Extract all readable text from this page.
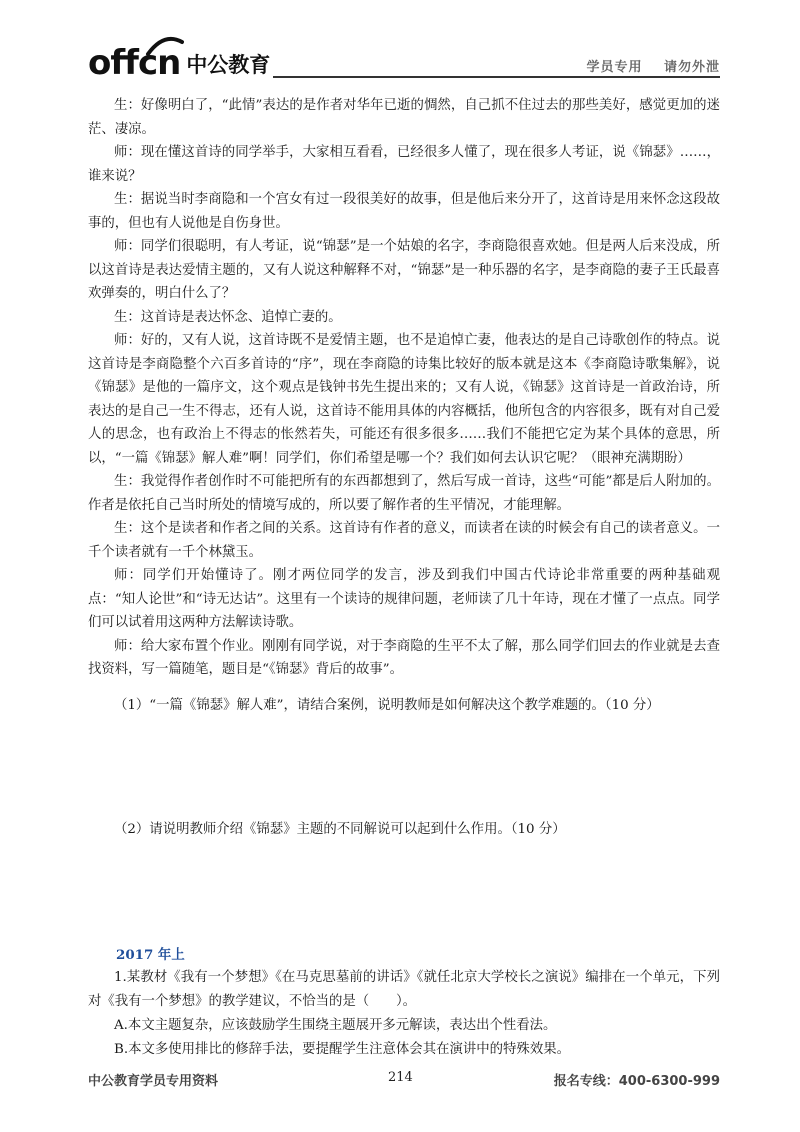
offcn 中公教育	学员专用 请勿外泄

生：好像明白了，“此情”表达的是作者对华年已逝的惆然，自己抓不住过去的那些美好，感觉更加的迷茫、凄凉。

师：现在懂这首诗的同学举手，大家相互看看，已经很多人懂了，现在很多人考证，说《锦瑟》……，谁来说？

生：据说当时李商隐和一个宫女有过一段很美好的故事，但是他后来分开了，这首诗是用来怀念这段故事的，但也有人说他是自伤身世。

师：同学们很聪明，有人考证，说“锦瑟”是一个姑娘的名字，李商隐很喜欢她。但是两人后来没成，所以这首诗是表达爱情主题的，又有人说这种解释不对，“锦瑟”是一种乐器的名字，是李商隐的妻子王氏最喜欢弹奏的，明白什么了？

生：这首诗是表达怀念、追悼亡妻的。

师：好的，又有人说，这首诗既不是爱情主题，也不是追悼亡妻，他表达的是自己诗歌创作的特点。说这首诗是李商隐整个六百多首诗的“序”，现在李商隐的诗集比较好的版本就是这本《李商隐诗歌集解》，说《锦瑟》是他的一篇序文，这个观点是钱钟书先生提出来的；又有人说，《锦瑟》这首诗是一首政治诗，所表达的是自己一生不得志，还有人说，这首诗不能用具体的内容概括，他所包含的内容很多，既有对自己爱人的思念，也有政治上不得志的怅然若失，可能还有很多很多……我们不能把它定为某个具体的意思，所以，“一篇《锦瑟》解人难”啊！同学们，你们希望是哪一个？我们如何去认识它呢？（眼神充满期盼）

生：我觉得作者创作时不可能把所有的东西都想到了，然后写成一首诗，这些“可能”都是后人附加的。作者是依托自己当时所处的情境写成的，所以要了解作者的生平情况，才能理解。

生：这个是读者和作者之间的关系。这首诗有作者的意义，而读者在读的时候会有自己的读者意义。一千个读者就有一千个林黛玉。

师：同学们开始懂诗了。刚才两位同学的发言，涉及到我们中国古代诗论非常重要的两种基础观点：“知人论世”和“诗无达诂”。这里有一个读诗的规律问题，老师读了几十年诗，现在才懂了一点点。同学们可以试着用这两种方法解读诗歌。

师：给大家布置个作业。刚刚有同学说，对于李商隐的生平不太了解，那么同学们回去的作业就是去查找资料，写一篇随笔，题目是“《锦瑟》背后的故事”。

（1）“一篇《锦瑟》解人难”，请结合案例，说明教师是如何解决这个教学难题的。（10 分）

（2）请说明教师介绍《锦瑟》主题的不同解说可以起到什么作用。（10 分）

2017 年上

1.某教材《我有一个梦想》《在马克思墓前的讲话》《就任北京大学校长之演说》编排在一个单元，下列对《我有一个梦想》的教学建议，不恰当的是（　　）。

A.本文主题复杂，应该鼓励学生围绕主题展开多元解读，表达出个性看法。

B.本文多使用排比的修辞手法，要提醒学生注意体会其在演讲中的特殊效果。

中公教育学员专用资料	214	报名专线：400-6300-999
